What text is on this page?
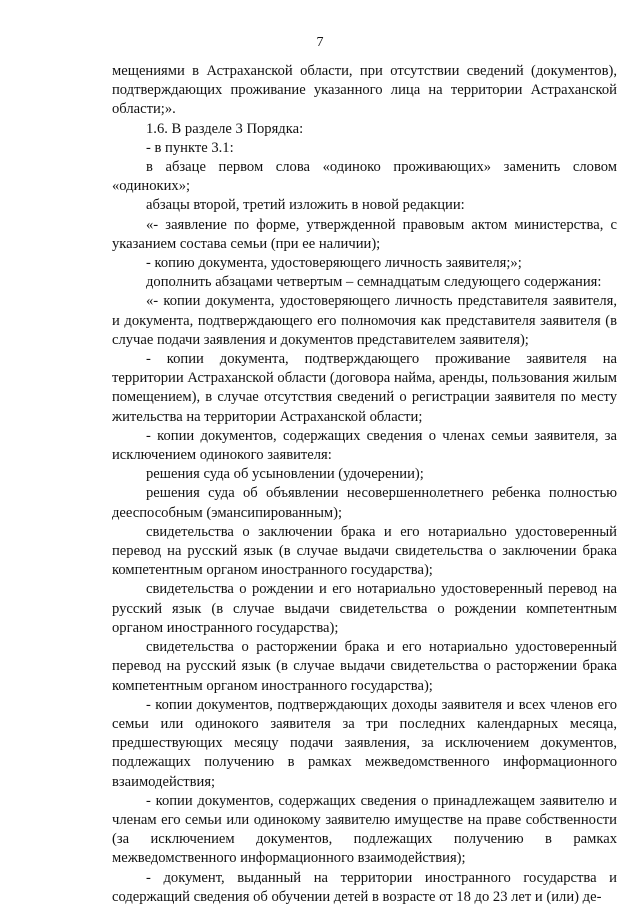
7

мещениями в Астраханской области, при отсутствии сведений (документов), подтверждающих проживание указанного лица на территории Астраханской области;».

1.6. В разделе 3 Порядка:

- в пункте 3.1:

в абзаце первом слова «одиноко проживающих» заменить словом «одиноких»;

абзацы второй, третий изложить в новой редакции:

«- заявление по форме, утвержденной правовым актом министерства, с указанием состава семьи (при ее наличии);

- копию документа, удостоверяющего личность заявителя;»;

дополнить абзацами четвертым – семнадцатым следующего содержания:

«- копии документа, удостоверяющего личность представителя заявителя, и документа, подтверждающего его полномочия как представителя заявителя (в случае подачи заявления и документов представителем заявителя);

- копии документа, подтверждающего проживание заявителя на территории Астраханской области (договора найма, аренды, пользования жилым помещением), в случае отсутствия сведений о регистрации заявителя по месту жительства на территории Астраханской области;

- копии документов, содержащих сведения о членах семьи заявителя, за исключением одинокого заявителя:

решения суда об усыновлении (удочерении);

решения суда об объявлении несовершеннолетнего ребенка полностью дееспособным (эмансипированным);

свидетельства о заключении брака и его нотариально удостоверенный перевод на русский язык (в случае выдачи свидетельства о заключении брака компетентным органом иностранного государства);

свидетельства о рождении и его нотариально удостоверенный перевод на русский язык (в случае выдачи свидетельства о рождении компетентным органом иностранного государства);

свидетельства о расторжении брака и его нотариально удостоверенный перевод на русский язык (в случае выдачи свидетельства о расторжении брака компетентным органом иностранного государства);

- копии документов, подтверждающих доходы заявителя и всех членов его семьи или одинокого заявителя за три последних календарных месяца, предшествующих месяцу подачи заявления, за исключением документов, подлежащих получению в рамках межведомственного информационного взаимодействия;

- копии документов, содержащих сведения о принадлежащем заявителю и членам его семьи или одинокому заявителю имуществе на праве собственности (за исключением документов, подлежащих получению в рамках межведомственного информационного взаимодействия);

- документ, выданный на территории иностранного государства и содержащий сведения об обучении детей в возрасте от 18 до 23 лет и (или) де-
